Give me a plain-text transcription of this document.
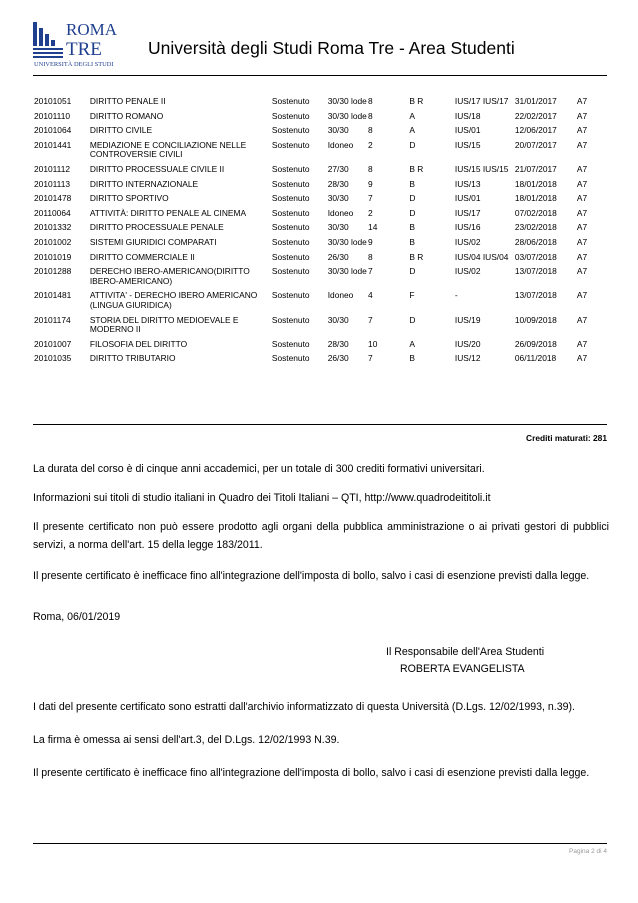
ROMA
TRE
UNIVERSITÀ DEGLI STUDI
Università degli Studi Roma Tre - Area Studenti
20101051	DIRITTO PENALE II	Sostenuto	30/30 lode	8	B R	IUS/17 IUS/17	31/01/2017	A7
20101110	DIRITTO ROMANO	Sostenuto	30/30 lode	8	A	IUS/18	22/02/2017	A7
20101064	DIRITTO CIVILE	Sostenuto	30/30	8	A	IUS/01	12/06/2017	A7
20101441	MEDIAZIONE E CONCILIAZIONE NELLE CONTROVERSIE CIVILI	Sostenuto	Idoneo	2	D	IUS/15	20/07/2017	A7
20101112	DIRITTO PROCESSUALE CIVILE II	Sostenuto	27/30	8	B R	IUS/15 IUS/15	21/07/2017	A7
20101113	DIRITTO INTERNAZIONALE	Sostenuto	28/30	9	B	IUS/13	18/01/2018	A7
20101478	DIRITTO SPORTIVO	Sostenuto	30/30	7	D	IUS/01	18/01/2018	A7
20110064	ATTIVITÀ: DIRITTO PENALE AL CINEMA	Sostenuto	Idoneo	2	D	IUS/17	07/02/2018	A7
20101332	DIRITTO PROCESSUALE PENALE	Sostenuto	30/30	14	B	IUS/16	23/02/2018	A7
20101002	SISTEMI GIURIDICI COMPARATI	Sostenuto	30/30 lode	9	B	IUS/02	28/06/2018	A7
20101019	DIRITTO COMMERCIALE II	Sostenuto	26/30	8	B R	IUS/04 IUS/04	03/07/2018	A7
20101288	DERECHO IBERO-AMERICANO(DIRITTO IBERO-AMERICANO)	Sostenuto	30/30 lode	7	D	IUS/02	13/07/2018	A7
20101481	ATTIVITA' - DERECHO IBERO AMERICANO (LINGUA GIURIDICA)	Sostenuto	Idoneo	4	F	-	13/07/2018	A7
20101174	STORIA DEL DIRITTO MEDIOEVALE E MODERNO II	Sostenuto	30/30	7	D	IUS/19	10/09/2018	A7
20101007	FILOSOFIA DEL DIRITTO	Sostenuto	28/30	10	A	IUS/20	26/09/2018	A7
20101035	DIRITTO TRIBUTARIO	Sostenuto	26/30	7	B	IUS/12	06/11/2018	A7
Crediti maturati: 281
La durata del corso è di cinque anni accademici, per un totale di 300 crediti formativi universitari.
Informazioni sui titoli di studio italiani in Quadro dei Titoli Italiani – QTI, http://www.quadrodeititoli.it
Il presente certificato non può essere prodotto agli organi della pubblica amministrazione o ai privati gestori di pubblici servizi, a norma dell'art. 15 della legge 183/2011.
Il presente certificato è inefficace fino all'integrazione dell'imposta di bollo, salvo i casi di esenzione previsti dalla legge.
Roma, 06/01/2019
Il Responsabile dell'Area Studenti
ROBERTA EVANGELISTA
I dati del presente certificato sono estratti dall'archivio informatizzato di questa Università (D.Lgs. 12/02/1993, n.39).
La firma è omessa ai sensi dell'art.3, del D.Lgs. 12/02/1993 N.39.
Il presente certificato è inefficace fino all'integrazione dell'imposta di bollo, salvo i casi di esenzione previsti dalla legge.
Pagina 2 di 4
